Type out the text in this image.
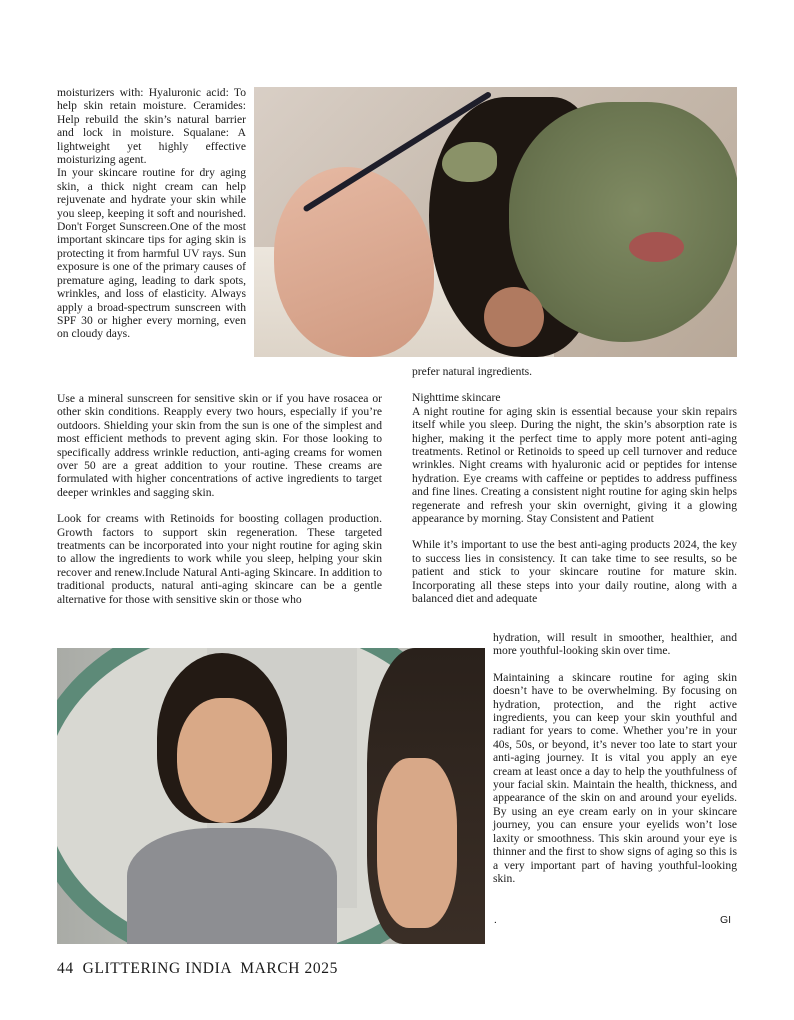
moisturizers with: Hyaluronic acid: To help skin retain moisture. Ceramides: Help rebuild the skin’s natural barrier and lock in moisture. Squalane: A lightweight yet highly effective moisturizing agent.

In your skincare routine for dry aging skin, a thick night cream can help rejuvenate and hydrate your skin while you sleep, keeping it soft and nourished. Don't Forget Sunscreen.One of the most important skincare tips for aging skin is protecting it from harmful UV rays. Sun exposure is one of the primary causes of premature aging, leading to dark spots, wrinkles, and loss of elasticity. Always apply a broad-spectrum sunscreen with SPF 30 or higher every morning, even on cloudy days.

Use a mineral sunscreen for sensitive skin or if you have rosacea or other skin conditions. Reapply every two hours, especially if you’re outdoors. Shielding your skin from the sun is one of the simplest and most efficient methods to prevent aging skin. For those looking to specifically address wrinkle reduction, anti-aging creams for women over 50 are a great addition to your routine. These creams are formulated with higher concentrations of active ingredients to target deeper wrinkles and sagging skin.

Look for creams with Retinoids for boosting collagen production. Growth factors to support skin regeneration. These targeted treatments can be incorporated into your night routine for aging skin to allow the ingredients to work while you sleep, helping your skin recover and renew.Include Natural Anti-aging Skincare. In addition to traditional products, natural anti-aging skincare can be a gentle alternative for those with sensitive skin or those who

prefer natural ingredients.

Nighttime skincare

A night routine for aging skin is essential because your skin repairs itself while you sleep. During the night, the skin’s absorption rate is higher, making it the perfect time to apply more potent anti-aging treatments. Retinol or Retinoids to speed up cell turnover and reduce wrinkles. Night creams with hyaluronic acid or peptides for intense hydration. Eye creams with caffeine or peptides to address puffiness and fine lines. Creating a consistent night routine for aging skin helps regenerate and refresh your skin overnight, giving it a glowing appearance by morning. Stay Consistent and Patient

While it’s important to use the best anti-aging products 2024, the key to success lies in consistency. It can take time to see results, so be patient and stick to your skincare routine for mature skin. Incorporating all these steps into your daily routine, along with a balanced diet and adequate

hydration, will result in smoother, healthier, and more youthful-looking skin over time.

Maintaining a skincare routine for aging skin doesn’t have to be overwhelming. By focusing on hydration, protection, and the right active ingredients, you can keep your skin youthful and radiant for years to come. Whether you’re in your 40s, 50s, or beyond, it’s never too late to start your anti-aging journey. It is vital you apply an eye cream at least once a day to help the youthfulness of your facial skin. Maintain the health, thickness, and appearance of the skin on and around your eyelids. By using an eye cream early on in your skincare journey, you can ensure your eyelids won’t lose laxity or smoothness. This skin around your eye is thinner and the first to show signs of aging so this is a very important part of having youthful-looking skin.

.	GI

44  GLITTERING INDIA  MARCH 2025
